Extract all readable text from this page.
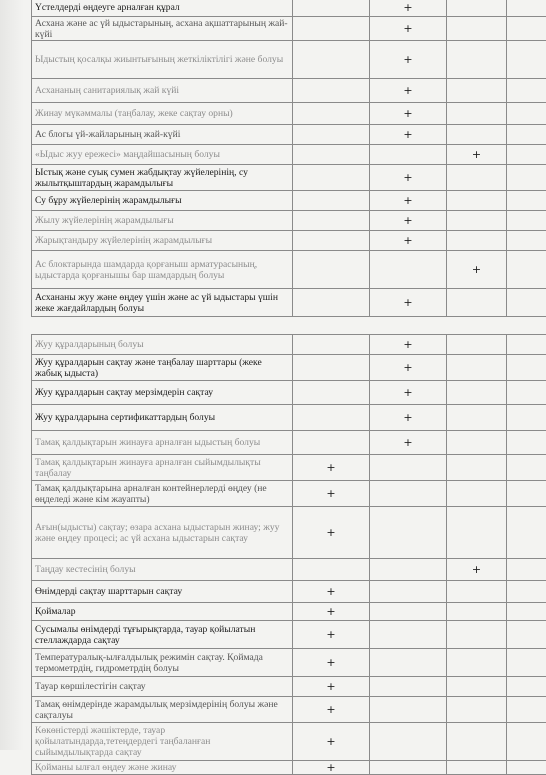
Үстелдерді өңдеуге арналған құрал		+		
Асхана және ас үй ыдыстарының, асхана ақшаттарының жай-күйі		+		
Ыдыстың қосалқы жиынтығының жеткіліктілігі және болуы		+		
Асхананың санитариялық жай күйі		+		
Жинау мүкәммалы (таңбалау, жеке сақтау орны)		+		
Ас блогы үй-жайларының жай-күйі		+		
«Ыдыс жуу ережесі» маңдайшасының болуы			+	
Ыстық және суық сумен жабдықтау жүйелерінің, су жылытқыштардың жарамдылығы		+		
Су бұру жүйелерінің жарамдылығы		+		
Жылу жүйелерінің жарамдылығы		+		
Жарықтандыру жүйелерінің жарамдылығы		+		
Ас блоктарында шамдарда қорғаныш арматурасының, ыдыстарда қорғанышы бар шамдардың болуы			+	
Асхананы жуу және өңдеу үшін және ас үй ыдыстары үшін жеке жағдайлардың болуы		+		
Жуу құралдарының болуы		+		
Жуу құралдарын сақтау және таңбалау шарттары (жеке жабық ыдыста)		+		
Жуу құралдарын сақтау мерзімдерін сақтау		+		
Жуу құралдарына сертификаттардың болуы		+		
Тамақ қалдықтарын жинауға арналған ыдыстың болуы		+		
Тамақ қалдықтарын жинауға арналған сыйымдылықты таңбалау	+			
Тамақ қалдықтарына арналған контейнерлерді өңдеу (не өңделеді және кім жауапты)	+			
Ағын(ыдысты) сақтау; өзара асхана ыдыстарын жинау; жуу және өңдеу процесі; ас үй асхана ыдыстарын сақтау	+			
Таңдау кестесінің болуы			+	
Өнімдерді сақтау шарттарын сақтау	+			
Қоймалар	+			
Сусымалы өнімдерді тұғырықтарда, тауар қойылатын стеллаждарда сақтау	+			
Температуралық-ылғалдылық режимін сақтау. Қоймада термометрдің, гидрометрдің болуы	+			
Тауар көршілестігін сақтау	+			
Тамақ өнімдерінде жарамдылық мерзімдерінің болуы және сақталуы	+			
Көкөністерді жәшіктерде, тауар қойылатындарда,тетеңдердегі таңбаланған сыйымдылықтарда сақтау	+			
Қойманы ылғал өңдеу және жинау	+			
